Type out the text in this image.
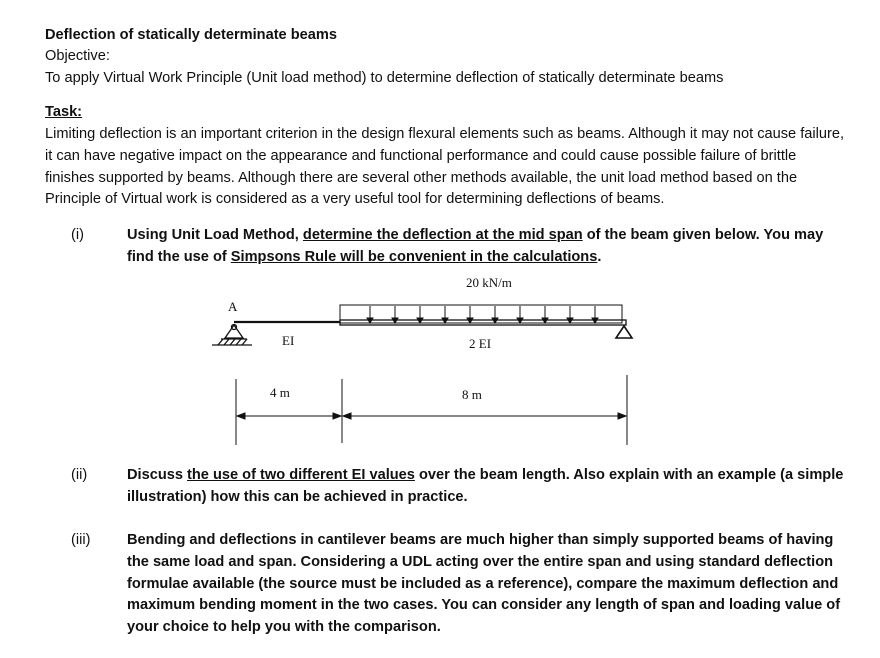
Deflection of statically determinate beams
Objective:
To apply Virtual Work Principle (Unit load method) to determine deflection of statically determinate beams
Task:
Limiting deflection is an important criterion in the design flexural elements such as beams. Although it may not cause failure, it can have negative impact on the appearance and functional performance and could cause possible failure of brittle finishes supported by beams. Although there are several other methods available, the unit load method based on the Principle of Virtual work is considered as a very useful tool for determining deflections of beams.
(i)	Using Unit Load Method, determine the deflection at the mid span of the beam given below. You may find the use of Simpsons Rule will be convenient in the calculations.
20 kN/m
A
EI	2 EI
4 m	8 m
(ii)	Discuss the use of two different EI values over the beam length. Also explain with an example (a simple illustration) how this can be achieved in practice.
(iii)	Bending and deflections in cantilever beams are much higher than simply supported beams of having the same load and span. Considering a UDL acting over the entire span and using standard deflection formulae available (the source must be included as a reference), compare the maximum deflection and maximum bending moment in the two cases. You can consider any length of span and loading value of your choice to help you with the comparison.
